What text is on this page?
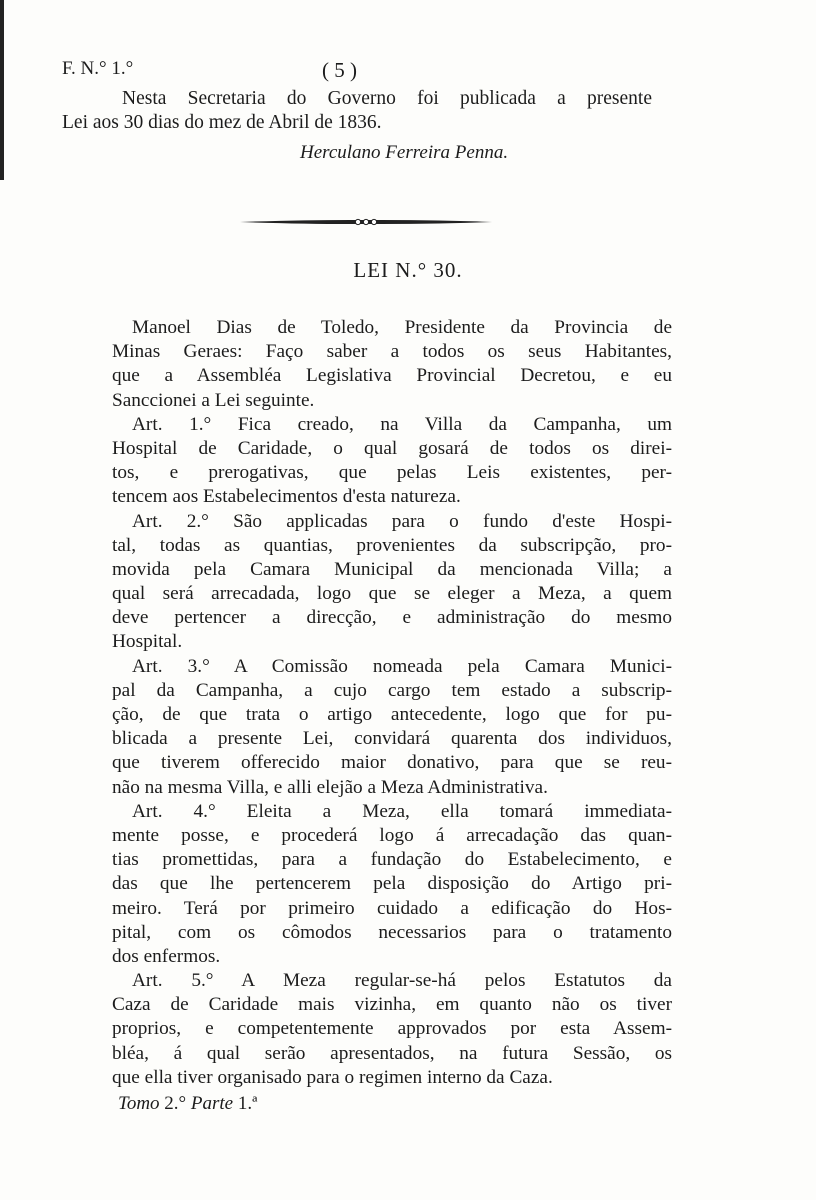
F. N.° 1.°	( 5 )
Nesta Secretaria do Governo foi publicada a presente
Lei aos 30 dias do mez de Abril de 1836.
Herculano Ferreira Penna.
LEI N.° 30.
Manoel Dias de Toledo, Presidente da Provincia de
Minas Geraes: Faço saber a todos os seus Habitantes,
que a Assembléa Legislativa Provincial Decretou, e eu
Sanccionei a Lei seguinte.
Art. 1.° Fica creado, na Villa da Campanha, um
Hospital de Caridade, o qual gosará de todos os direi-
tos, e prerogativas, que pelas Leis existentes, per-
tencem aos Estabelecimentos d'esta natureza.
Art. 2.° São applicadas para o fundo d'este Hospi-
tal, todas as quantias, provenientes da subscripção, pro-
movida pela Camara Municipal da mencionada Villa; a
qual será arrecadada, logo que se eleger a Meza, a quem
deve pertencer a direcção, e administração do mesmo
Hospital.
Art. 3.° A Comissão nomeada pela Camara Munici-
pal da Campanha, a cujo cargo tem estado a subscrip-
ção, de que trata o artigo antecedente, logo que for pu-
blicada a presente Lei, convidará quarenta dos individuos,
que tiverem offerecido maior donativo, para que se reu-
não na mesma Villa, e alli elejão a Meza Administrativa.
Art. 4.° Eleita a Meza, ella tomará immediata-
mente posse, e procederá logo á arrecadação das quan-
tias promettidas, para a fundação do Estabelecimento, e
das que lhe pertencerem pela disposição do Artigo pri-
meiro. Terá por primeiro cuidado a edificação do Hos-
pital, com os cômodos necessarios para o tratamento
dos enfermos.
Art. 5.° A Meza regular-se-há pelos Estatutos da
Caza de Caridade mais vizinha, em quanto não os tiver
proprios, e competentemente approvados por esta Assem-
bléa, á qual serão apresentados, na futura Sessão, os
que ella tiver organisado para o regimen interno da Caza.
Tomo 2.° Parte 1.ª
